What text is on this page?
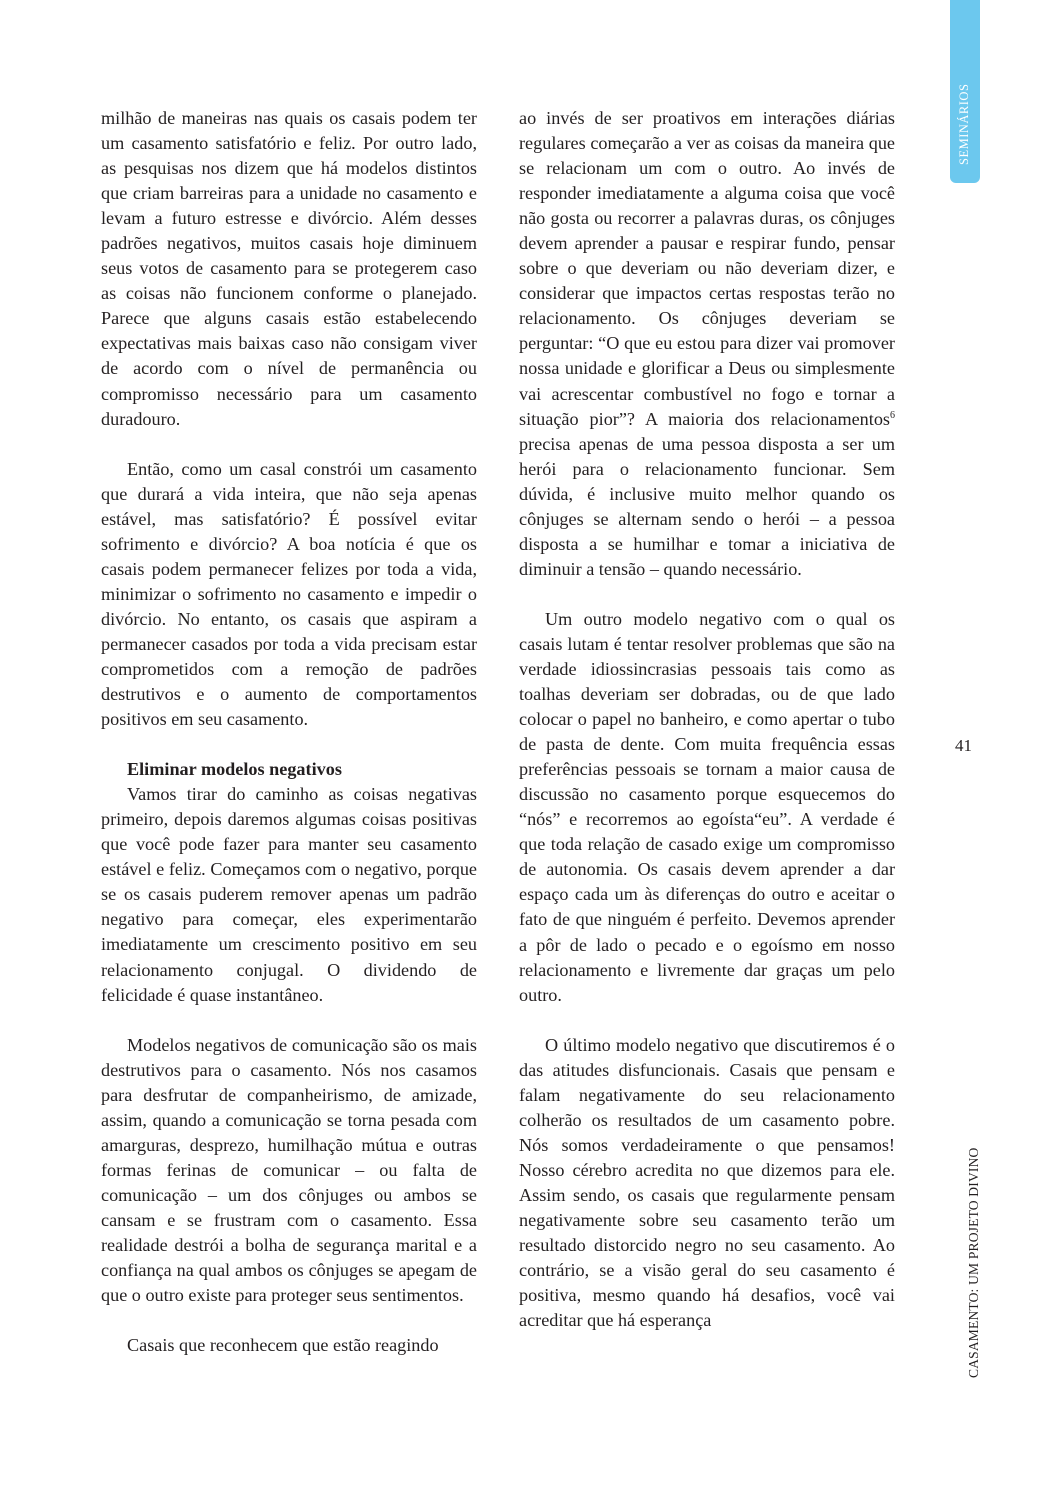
SEMINÁRIOS

milhão de maneiras nas quais os casais podem ter um casamento satisfatório e feliz. Por outro lado, as pesquisas nos dizem que há modelos distintos que criam barreiras para a unidade no casamento e levam a futuro estresse e divórcio. Além desses padrões negativos, muitos casais hoje diminuem seus votos de casamento para se protegerem caso as coisas não funcionem conforme o planejado. Parece que alguns casais estão estabelecendo expectativas mais baixas caso não consigam viver de acordo com o nível de permanência ou compromisso necessário para um casamento duradouro.

Então, como um casal constrói um casamento que durará a vida inteira, que não seja apenas estável, mas satisfatório? É possível evitar sofrimento e divórcio? A boa notícia é que os casais podem permanecer felizes por toda a vida, minimizar o sofrimento no casamento e impedir o divórcio. No entanto, os casais que aspiram a permanecer casados por toda a vida precisam estar comprometidos com a remoção de padrões destrutivos e o aumento de comportamentos positivos em seu casamento.

Eliminar modelos negativos

Vamos tirar do caminho as coisas negativas primeiro, depois daremos algumas coisas positivas que você pode fazer para manter seu casamento estável e feliz. Começamos com o negativo, porque se os casais puderem remover apenas um padrão negativo para começar, eles experimentarão imediatamente um crescimento positivo em seu relacionamento conjugal. O dividendo de felicidade é quase instantâneo.

Modelos negativos de comunicação são os mais destrutivos para o casamento. Nós nos casamos para desfrutar de companheirismo, de amizade, assim, quando a comunicação se torna pesada com amarguras, desprezo, humilhação mútua e outras formas ferinas de comunicar – ou falta de comunicação – um dos cônjuges ou ambos se cansam e se frustram com o casamento. Essa realidade destrói a bolha de segurança marital e a confiança na qual ambos os cônjuges se apegam de que o outro existe para proteger seus sentimentos.

Casais que reconhecem que estão reagindo

ao invés de ser proativos em interações diárias regulares começarão a ver as coisas da maneira que se relacionam um com o outro. Ao invés de responder imediatamente a alguma coisa que você não gosta ou recorrer a palavras duras, os cônjuges devem aprender a pausar e respirar fundo, pensar sobre o que deveriam ou não deveriam dizer, e considerar que impactos certas respostas terão no relacionamento. Os cônjuges deveriam se perguntar: “O que eu estou para dizer vai promover nossa unidade e glorificar a Deus ou simplesmente vai acrescentar combustível no fogo e tornar a situação pior”? A maioria dos relacionamentos$^6$ precisa apenas de uma pessoa disposta a ser um herói para o relacionamento funcionar. Sem dúvida, é inclusive muito melhor quando os cônjuges se alternam sendo o herói – a pessoa disposta a se humilhar e tomar a iniciativa de diminuir a tensão – quando necessário.

Um outro modelo negativo com o qual os casais lutam é tentar resolver problemas que são na verdade idiossincrasias pessoais tais como as toalhas deveriam ser dobradas, ou de que lado colocar o papel no banheiro, e como apertar o tubo de pasta de dente. Com muita frequência essas preferências pessoais se tornam a maior causa de discussão no casamento porque esquecemos do “nós” e recorremos ao egoísta“eu”. A verdade é que toda relação de casado exige um compromisso de autonomia. Os casais devem aprender a dar espaço cada um às diferenças do outro e aceitar o fato de que ninguém é perfeito. Devemos aprender a pôr de lado o pecado e o egoísmo em nosso relacionamento e livremente dar graças um pelo outro.

O último modelo negativo que discutiremos é o das atitudes disfuncionais. Casais que pensam e falam negativamente do seu relacionamento colherão os resultados de um casamento pobre. Nós somos verdadeiramente o que pensamos! Nosso cérebro acredita no que dizemos para ele. Assim sendo, os casais que regularmente pensam negativamente sobre seu casamento terão um resultado distorcido negro no seu casamento. Ao contrário, se a visão geral do seu casamento é positiva, mesmo quando há desafios, você vai acreditar que há esperança

41
CASAMENTO: UM PROJETO DIVINO
